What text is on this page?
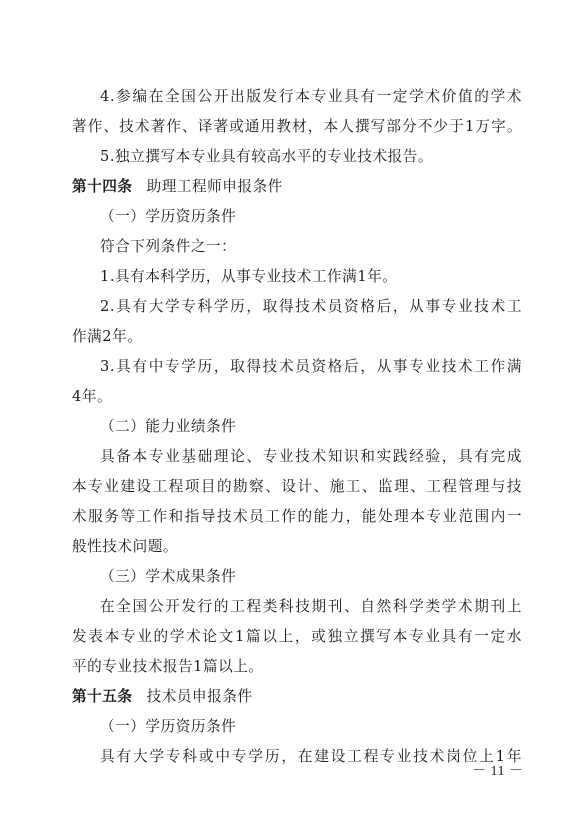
4.参编在全国公开出版发行本专业具有一定学术价值的学术
著作、技术著作、译著或通用教材，本人撰写部分不少于1万字。
5.独立撰写本专业具有较高水平的专业技术报告。
第十四条 助理工程师申报条件
（一）学历资历条件
符合下列条件之一：
1.具有本科学历，从事专业技术工作满1年。
2.具有大学专科学历，取得技术员资格后，从事专业技术工
作满2年。
3.具有中专学历，取得技术员资格后，从事专业技术工作满
4年。
（二）能力业绩条件
具备本专业基础理论、专业技术知识和实践经验，具有完成
本专业建设工程项目的勘察、设计、施工、监理、工程管理与技
术服务等工作和指导技术员工作的能力，能处理本专业范围内一
般性技术问题。
（三）学术成果条件
在全国公开发行的工程类科技期刊、自然科学类学术期刊上
发表本专业的学术论文1篇以上，或独立撰写本专业具有一定水
平的专业技术报告1篇以上。
第十五条 技术员申报条件
（一）学历资历条件
具有大学专科或中专学历，在建设工程专业技术岗位上1年
－ 11 －
